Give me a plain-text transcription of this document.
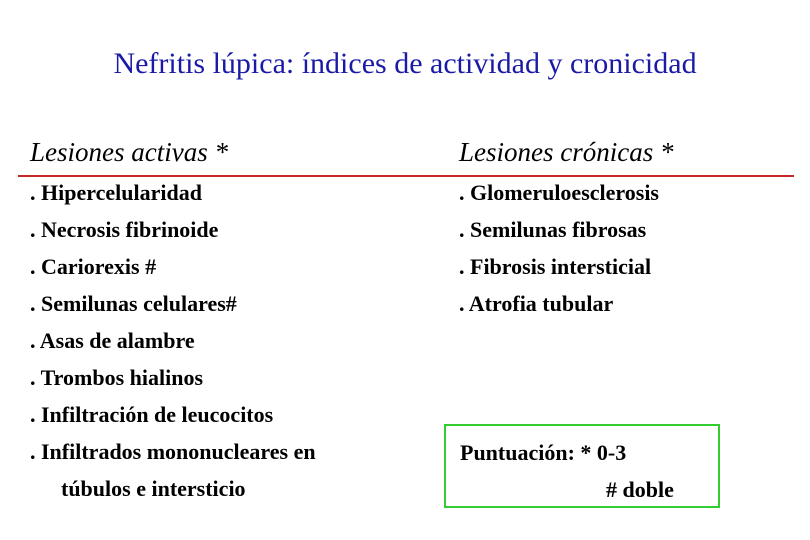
Nefritis lúpica: índices de actividad y cronicidad
Lesiones activas *	Lesiones crónicas *
. Hipercelularidad
. Necrosis fibrinoide
. Cariorexis #
. Semilunas celulares#
. Asas de alambre
. Trombos hialinos
. Infiltración de leucocitos
. Infiltrados mononucleares en
túbulos e intersticio
. Glomeruloesclerosis
. Semilunas fibrosas
. Fibrosis intersticial
. Atrofia tubular
Puntuación: * 0-3
# doble
